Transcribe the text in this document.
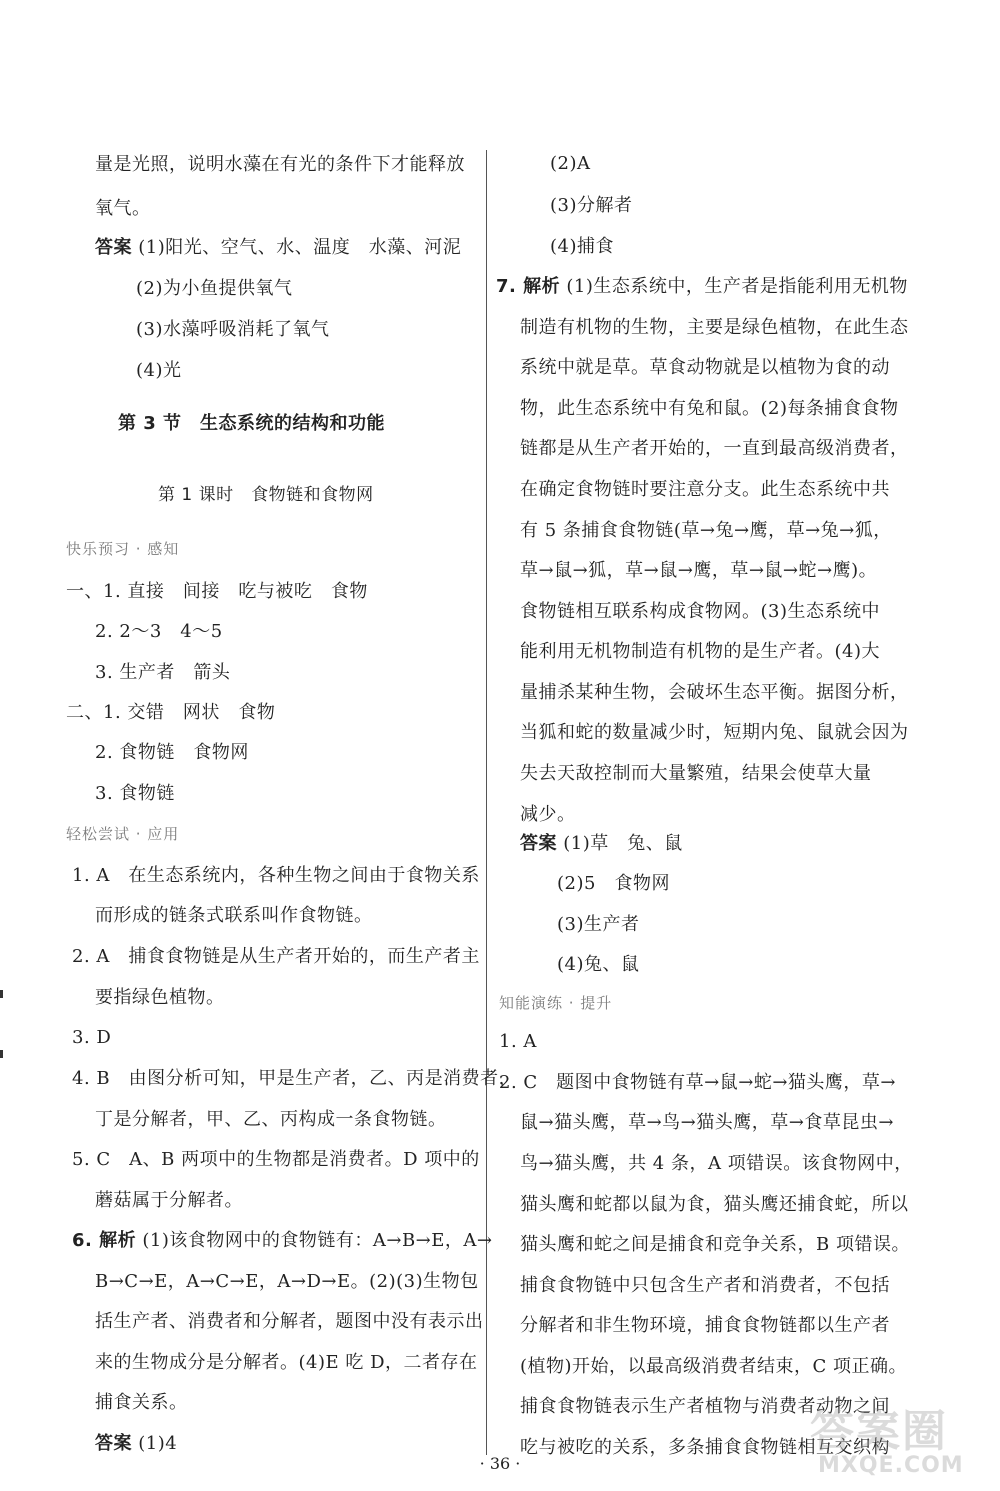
量是光照，说明水藻在有光的条件下才能释放
氧气。
答案 (1)阳光、空气、水、温度　水藻、河泥
(2)为小鱼提供氧气
(3)水藻呼吸消耗了氧气
(4)光
第 3 节　生态系统的结构和功能
第 1 课时　食物链和食物网
快乐预习 · 感知
一、1. 直接　间接　吃与被吃　食物
2. 2～3　4～5
3. 生产者　箭头
二、1. 交错　网状　食物
2. 食物链　食物网
3. 食物链
轻松尝试 · 应用
1. A　在生态系统内，各种生物之间由于食物关系
而形成的链条式联系叫作食物链。
2. A　捕食食物链是从生产者开始的，而生产者主
要指绿色植物。
3. D
4. B　由图分析可知，甲是生产者，乙、丙是消费者，
丁是分解者，甲、乙、丙构成一条食物链。
5. C　A、B 两项中的生物都是消费者。D 项中的
蘑菇属于分解者。
6. 解析 (1)该食物网中的食物链有：A→B→E，A→
B→C→E，A→C→E，A→D→E。(2)(3)生物包
括生产者、消费者和分解者，题图中没有表示出
来的生物成分是分解者。(4)E 吃 D，二者存在
捕食关系。
答案 (1)4
(2)A
(3)分解者
(4)捕食
7. 解析 (1)生态系统中，生产者是指能利用无机物
制造有机物的生物，主要是绿色植物，在此生态
系统中就是草。草食动物就是以植物为食的动
物，此生态系统中有兔和鼠。(2)每条捕食食物
链都是从生产者开始的，一直到最高级消费者，
在确定食物链时要注意分支。此生态系统中共
有 5 条捕食食物链(草→兔→鹰，草→兔→狐，
草→鼠→狐，草→鼠→鹰，草→鼠→蛇→鹰)。
食物链相互联系构成食物网。(3)生态系统中
能利用无机物制造有机物的是生产者。(4)大
量捕杀某种生物，会破坏生态平衡。据图分析，
当狐和蛇的数量减少时，短期内兔、鼠就会因为
失去天敌控制而大量繁殖，结果会使草大量
减少。
答案 (1)草　兔、鼠
(2)5　食物网
(3)生产者
(4)兔、鼠
知能演练 · 提升
1. A
2. C　题图中食物链有草→鼠→蛇→猫头鹰，草→
鼠→猫头鹰，草→鸟→猫头鹰，草→食草昆虫→
鸟→猫头鹰，共 4 条，A 项错误。该食物网中，
猫头鹰和蛇都以鼠为食，猫头鹰还捕食蛇，所以
猫头鹰和蛇之间是捕食和竞争关系，B 项错误。
捕食食物链中只包含生产者和消费者，不包括
分解者和非生物环境，捕食食物链都以生产者
(植物)开始，以最高级消费者结束，C 项正确。
捕食食物链表示生产者植物与消费者动物之间
吃与被吃的关系，多条捕食食物链相互交织构
· 36 ·
答案圈
MXQE.COM
